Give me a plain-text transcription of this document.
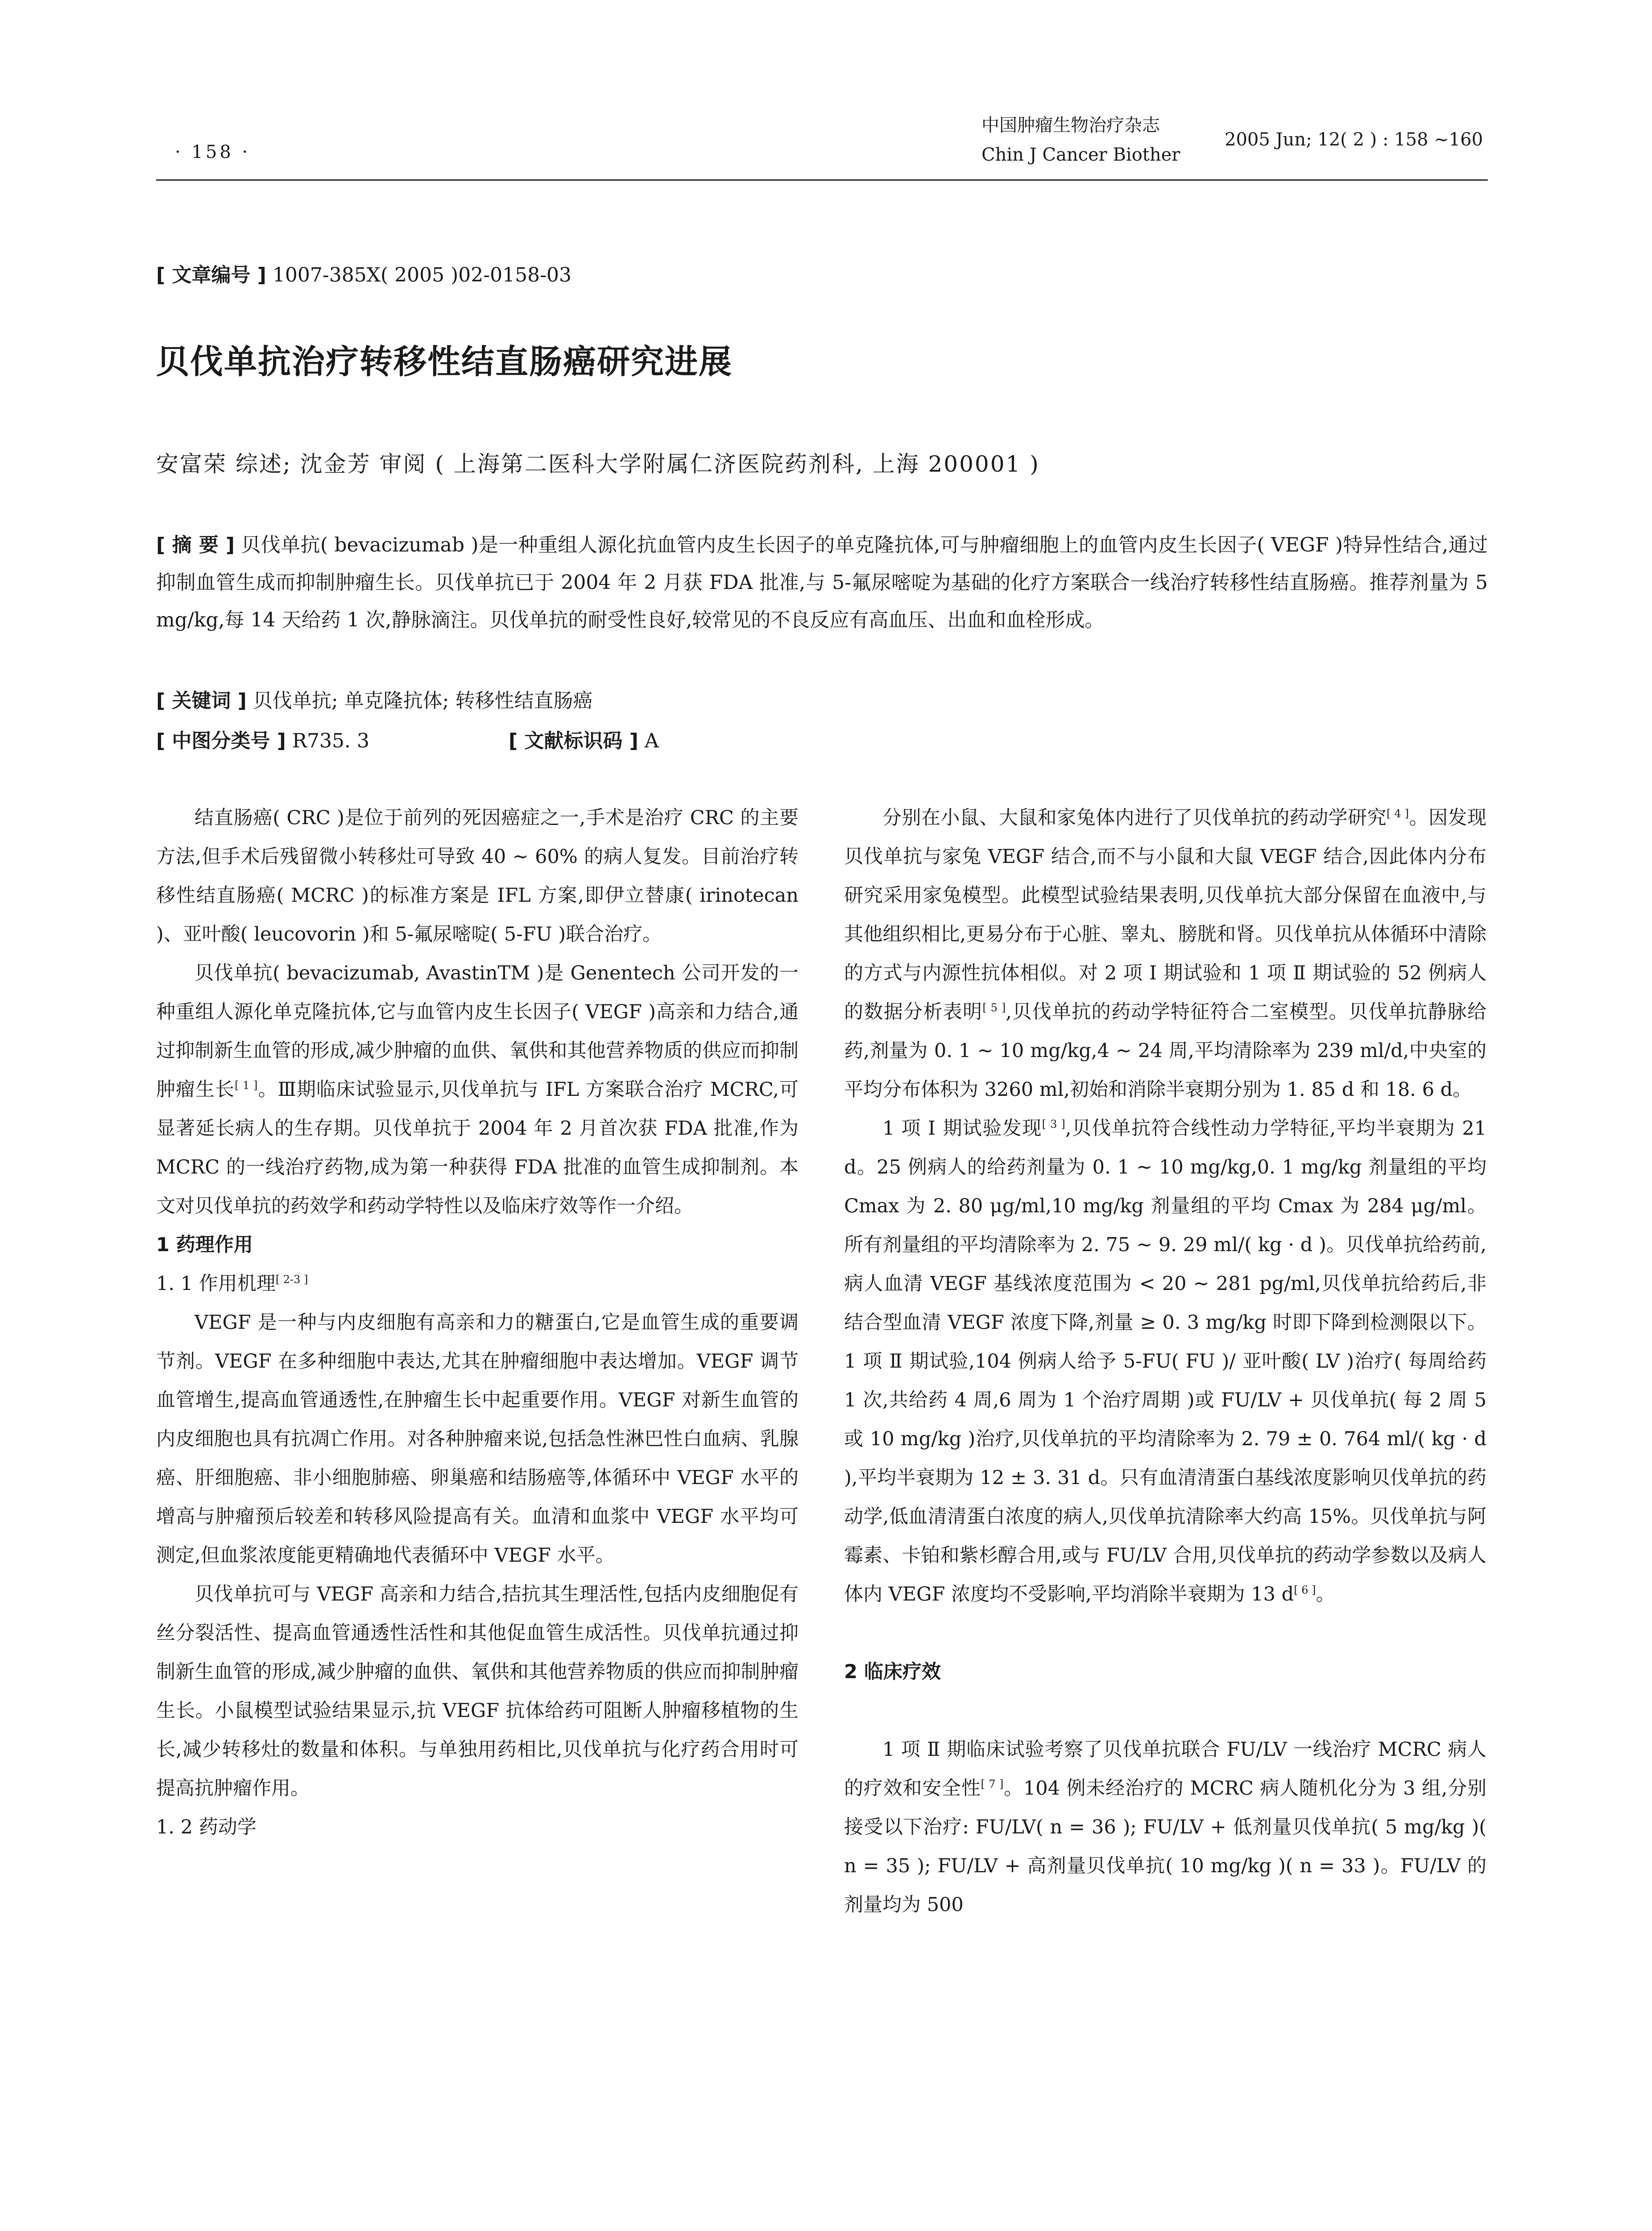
· 158 ·
中国肿瘤生物治疗杂志
Chin J Cancer Biother
2005 Jun; 12( 2 ) : 158 ~160
[ 文章编号 ] 1007-385X( 2005 )02-0158-03
贝伐单抗治疗转移性结直肠癌研究进展
安富荣 综述; 沈金芳 审阅 ( 上海第二医科大学附属仁济医院药剂科, 上海 200001 )
[ 摘 要 ] 贝伐单抗( bevacizumab )是一种重组人源化抗血管内皮生长因子的单克隆抗体,可与肿瘤细胞上的血管内皮生长因子( VEGF )特异性结合,通过抑制血管生成而抑制肿瘤生长。贝伐单抗已于 2004 年 2 月获 FDA 批准,与 5-氟尿嘧啶为基础的化疗方案联合一线治疗转移性结直肠癌。推荐剂量为 5 mg/kg,每 14 天给药 1 次,静脉滴注。贝伐单抗的耐受性良好,较常见的不良反应有高血压、出血和血栓形成。
[ 关键词 ] 贝伐单抗; 单克隆抗体; 转移性结直肠癌
[ 中图分类号 ] R735. 3	[ 文献标识码 ] A

结直肠癌( CRC )是位于前列的死因癌症之一,手术是治疗 CRC 的主要方法,但手术后残留微小转移灶可导致 40 ~ 60% 的病人复发。目前治疗转移性结直肠癌( MCRC )的标准方案是 IFL 方案,即伊立替康( irinotecan )、亚叶酸( leucovorin )和 5-氟尿嘧啶( 5-FU )联合治疗。

贝伐单抗( bevacizumab, AvastinTM )是 Genentech 公司开发的一种重组人源化单克隆抗体,它与血管内皮生长因子( VEGF )高亲和力结合,通过抑制新生血管的形成,减少肿瘤的血供、氧供和其他营养物质的供应而抑制肿瘤生长[ 1 ]。Ⅲ期临床试验显示,贝伐单抗与 IFL 方案联合治疗 MCRC,可显著延长病人的生存期。贝伐单抗于 2004 年 2 月首次获 FDA 批准,作为 MCRC 的一线治疗药物,成为第一种获得 FDA 批准的血管生成抑制剂。本文对贝伐单抗的药效学和药动学特性以及临床疗效等作一介绍。

1 药理作用

1. 1 作用机理[ 2-3 ]

VEGF 是一种与内皮细胞有高亲和力的糖蛋白,它是血管生成的重要调节剂。VEGF 在多种细胞中表达,尤其在肿瘤细胞中表达增加。VEGF 调节血管增生,提高血管通透性,在肿瘤生长中起重要作用。VEGF 对新生血管的内皮细胞也具有抗凋亡作用。对各种肿瘤来说,包括急性淋巴性白血病、乳腺癌、肝细胞癌、非小细胞肺癌、卵巢癌和结肠癌等,体循环中 VEGF 水平的增高与肿瘤预后较差和转移风险提高有关。血清和血浆中 VEGF 水平均可测定,但血浆浓度能更精确地代表循环中 VEGF 水平。

贝伐单抗可与 VEGF 高亲和力结合,拮抗其生理活性,包括内皮细胞促有丝分裂活性、提高血管通透性活性和其他促血管生成活性。贝伐单抗通过抑制新生血管的形成,减少肿瘤的血供、氧供和其他营养物质的供应而抑制肿瘤生长。小鼠模型试验结果显示,抗 VEGF 抗体给药可阻断人肿瘤移植物的生长,减少转移灶的数量和体积。与单独用药相比,贝伐单抗与化疗药合用时可提高抗肿瘤作用。

1. 2 药动学

分别在小鼠、大鼠和家兔体内进行了贝伐单抗的药动学研究[ 4 ]。因发现贝伐单抗与家兔 VEGF 结合,而不与小鼠和大鼠 VEGF 结合,因此体内分布研究采用家兔模型。此模型试验结果表明,贝伐单抗大部分保留在血液中,与其他组织相比,更易分布于心脏、睾丸、膀胱和肾。贝伐单抗从体循环中清除的方式与内源性抗体相似。对 2 项 Ⅰ 期试验和 1 项 Ⅱ 期试验的 52 例病人的数据分析表明[ 5 ],贝伐单抗的药动学特征符合二室模型。贝伐单抗静脉给药,剂量为 0. 1 ~ 10 mg/kg,4 ~ 24 周,平均清除率为 239 ml/d,中央室的平均分布体积为 3260 ml,初始和消除半衰期分别为 1. 85 d 和 18. 6 d。

1 项 Ⅰ 期试验发现[ 3 ],贝伐单抗符合线性动力学特征,平均半衰期为 21 d。25 例病人的给药剂量为 0. 1 ~ 10 mg/kg,0. 1 mg/kg 剂量组的平均 Cmax 为 2. 80 μg/ml,10 mg/kg 剂量组的平均 Cmax 为 284 μg/ml。所有剂量组的平均清除率为 2. 75 ~ 9. 29 ml/( kg · d )。贝伐单抗给药前,病人血清 VEGF 基线浓度范围为 < 20 ~ 281 pg/ml,贝伐单抗给药后,非结合型血清 VEGF 浓度下降,剂量 ≥ 0. 3 mg/kg 时即下降到检测限以下。1 项 Ⅱ 期试验,104 例病人给予 5-FU( FU )/ 亚叶酸( LV )治疗( 每周给药 1 次,共给药 4 周,6 周为 1 个治疗周期 )或 FU/LV + 贝伐单抗( 每 2 周 5 或 10 mg/kg )治疗,贝伐单抗的平均清除率为 2. 79 ± 0. 764 ml/( kg · d ),平均半衰期为 12 ± 3. 31 d。只有血清清蛋白基线浓度影响贝伐单抗的药动学,低血清清蛋白浓度的病人,贝伐单抗清除率大约高 15%。贝伐单抗与阿霉素、卡铂和紫杉醇合用,或与 FU/LV 合用,贝伐单抗的药动学参数以及病人体内 VEGF 浓度均不受影响,平均消除半衰期为 13 d[ 6 ]。

2 临床疗效

1 项 Ⅱ 期临床试验考察了贝伐单抗联合 FU/LV 一线治疗 MCRC 病人的疗效和安全性[ 7 ]。104 例未经治疗的 MCRC 病人随机化分为 3 组,分别接受以下治疗: FU/LV( n = 36 ); FU/LV + 低剂量贝伐单抗( 5 mg/kg )( n = 35 ); FU/LV + 高剂量贝伐单抗( 10 mg/kg )( n = 33 )。FU/LV 的剂量均为 500
